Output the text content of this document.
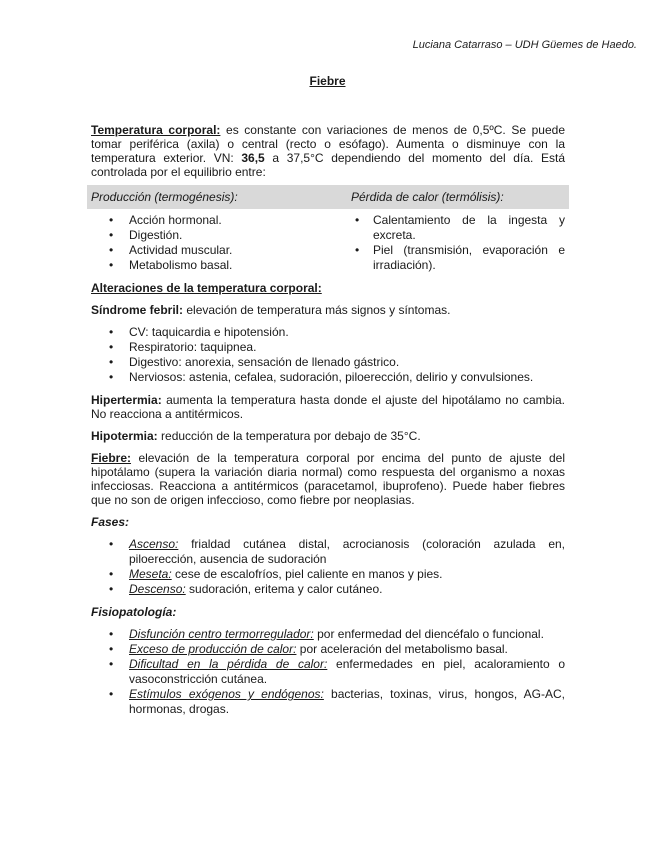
Luciana Catarraso – UDH Güemes de Haedo.
Fiebre

Temperatura corporal: es constante con variaciones de menos de 0,5ºC. Se puede tomar periférica (axila) o central (recto o esófago). Aumenta o disminuye con la temperatura exterior. VN: 36,5 a 37,5°C dependiendo del momento del día. Está controlada por el equilibrio entre:

Producción (termogénesis):	Pérdida de calor (termólisis):
• Acción hormonal.
• Digestión.
• Actividad muscular.
• Metabolismo basal.
• Calentamiento de la ingesta y excreta.
• Piel (transmisión, evaporación e irradiación).
Alteraciones de la temperatura corporal:

Síndrome febril: elevación de temperatura más signos y síntomas.

• CV: taquicardia e hipotensión.
• Respiratorio: taquipnea.
• Digestivo: anorexia, sensación de llenado gástrico.
• Nerviosos: astenia, cefalea, sudoración, piloerección, delirio y convulsiones.

Hipertermia: aumenta la temperatura hasta donde el ajuste del hipotálamo no cambia. No reacciona a antitérmicos.

Hipotermia: reducción de la temperatura por debajo de 35°C.

Fiebre: elevación de la temperatura corporal por encima del punto de ajuste del hipotálamo (supera la variación diaria normal) como respuesta del organismo a noxas infecciosas. Reacciona a antitérmicos (paracetamol, ibuprofeno). Puede haber fiebres que no son de origen infeccioso, como fiebre por neoplasias.

Fases:
• Ascenso: frialdad cutánea distal, acrocianosis (coloración azulada en, piloerección, ausencia de sudoración
• Meseta: cese de escalofríos, piel caliente en manos y pies.
• Descenso: sudoración, eritema y calor cutáneo.
Fisiopatología:
• Disfunción centro termorregulador: por enfermedad del diencéfalo o funcional.
• Exceso de producción de calor: por aceleración del metabolismo basal.
• Dificultad en la pérdida de calor: enfermedades en piel, acaloramiento o vasoconstricción cutánea.
• Estímulos exógenos y endógenos: bacterias, toxinas, virus, hongos, AG-AC, hormonas, drogas.
